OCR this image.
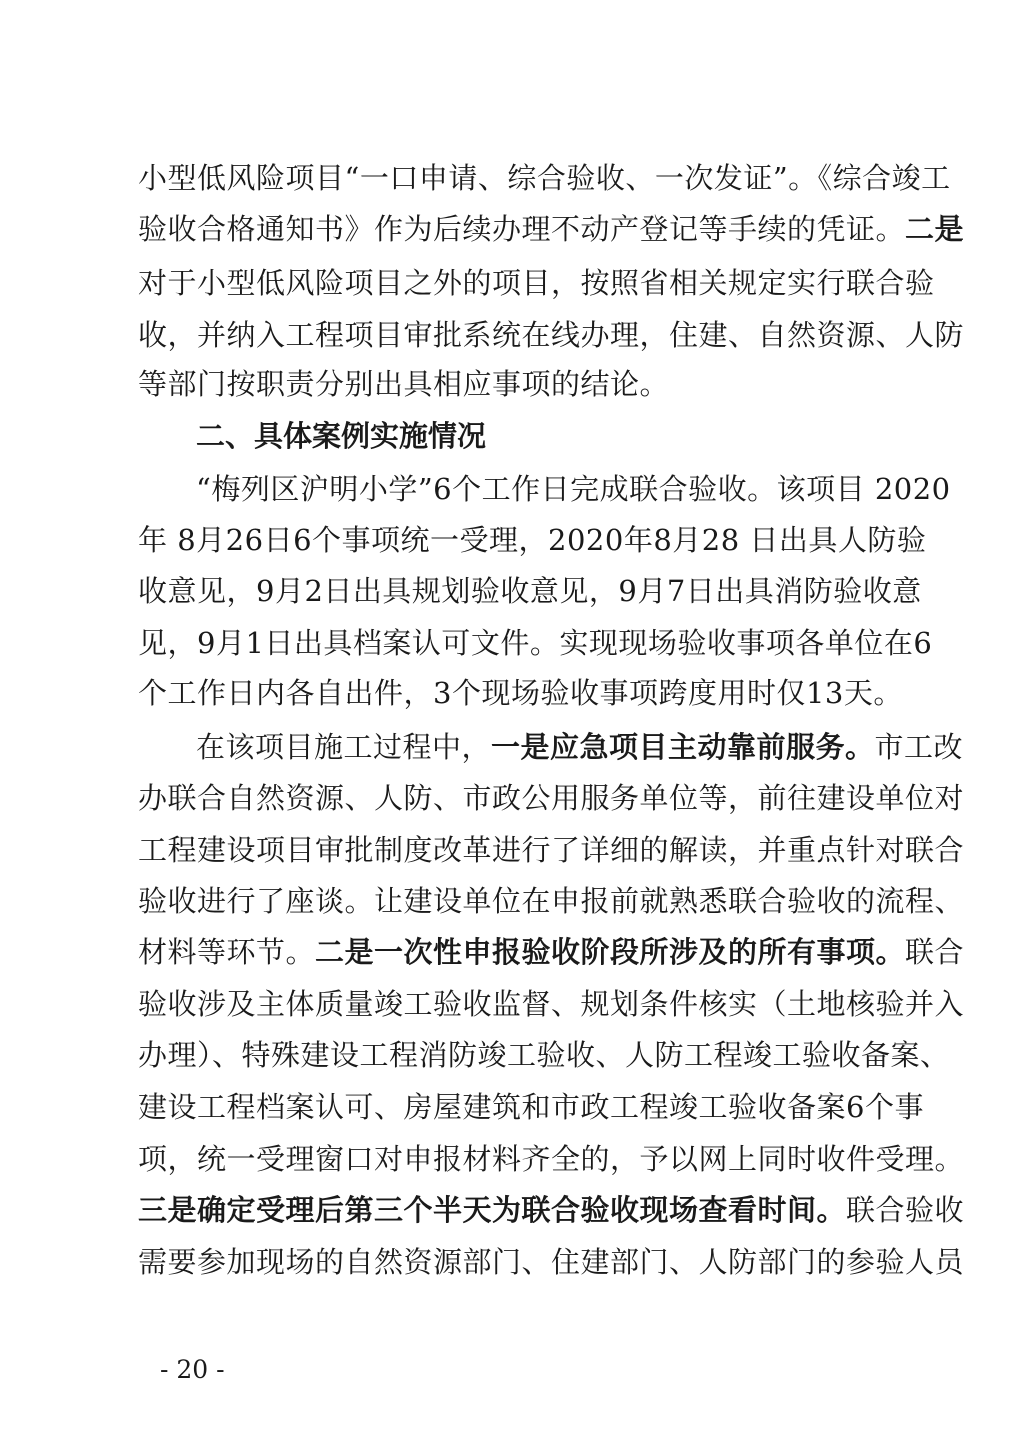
小型低风险项目“一口申请、综合验收、一次发证”。《综合竣工
验收合格通知书》作为后续办理不动产登记等手续的凭证。二是
对于小型低风险项目之外的项目，按照省相关规定实行联合验
收，并纳入工程项目审批系统在线办理，住建、自然资源、人防
等部门按职责分别出具相应事项的结论。
二、具体案例实施情况
“梅列区沪明小学”6个工作日完成联合验收。该项目 2020
年 8月26日6个事项统一受理，2020年8月28 日出具人防验
收意见，9月2日出具规划验收意见，9月7日出具消防验收意
见，9月1日出具档案认可文件。实现现场验收事项各单位在6
个工作日内各自出件，3个现场验收事项跨度用时仅13天。
在该项目施工过程中，一是应急项目主动靠前服务。市工改
办联合自然资源、人防、市政公用服务单位等，前往建设单位对
工程建设项目审批制度改革进行了详细的解读，并重点针对联合
验收进行了座谈。让建设单位在申报前就熟悉联合验收的流程、
材料等环节。二是一次性申报验收阶段所涉及的所有事项。联合
验收涉及主体质量竣工验收监督、规划条件核实（土地核验并入
办理）、特殊建设工程消防竣工验收、人防工程竣工验收备案、
建设工程档案认可、房屋建筑和市政工程竣工验收备案6个事
项，统一受理窗口对申报材料齐全的，予以网上同时收件受理。
三是确定受理后第三个半天为联合验收现场查看时间。联合验收
需要参加现场的自然资源部门、住建部门、人防部门的参验人员
- 20 -
